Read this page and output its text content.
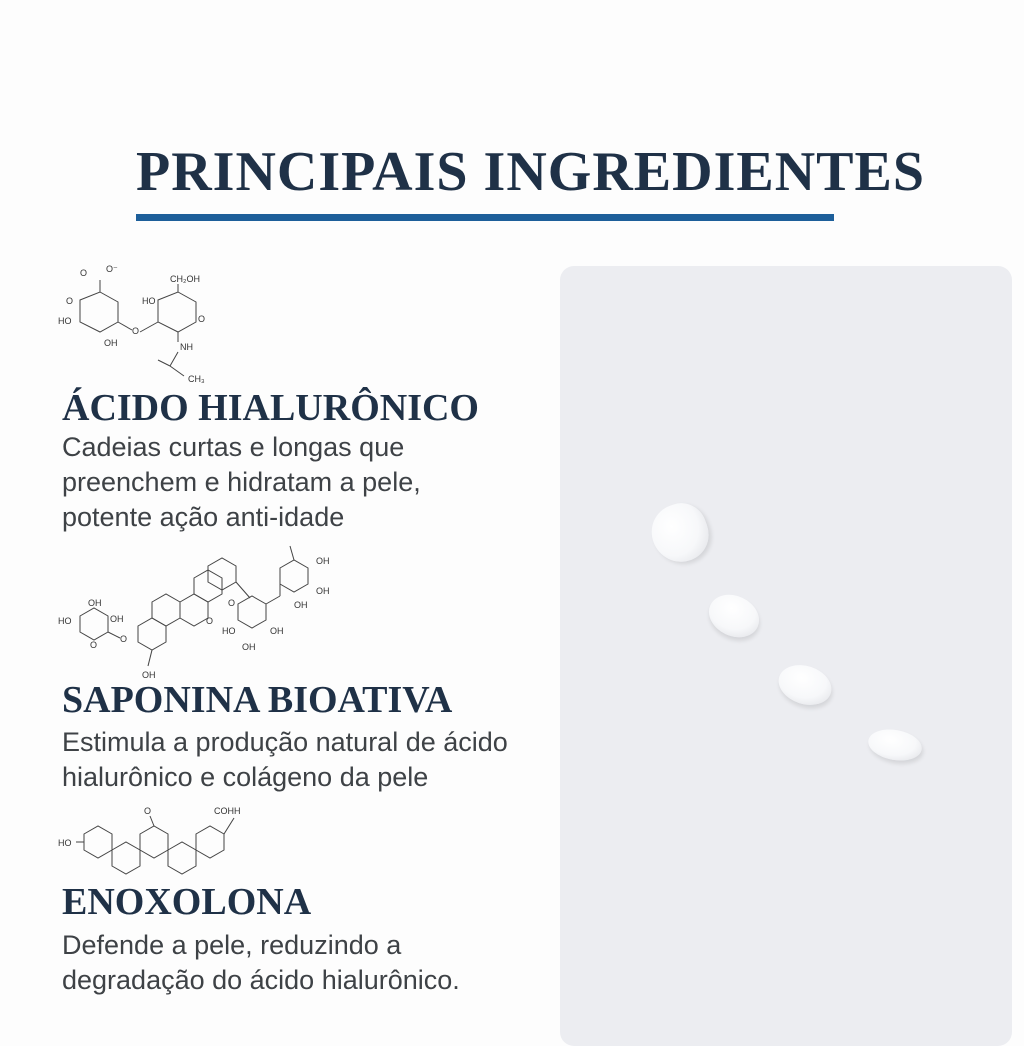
PRINCIPAIS INGREDIENTES
O O⁻
O
HO
OH
O
HO
CH₂OH
O
NH
CH₃
ÁCIDO HIALURÔNICO
Cadeias curtas e longas que
preenchem e hidratam a pele,
potente ação anti-idade
HO
OH
OH
O
O
OH
O
O
HO
OH
OH
OH
OH
OH
SAPONINA BIOATIVA
Estimula a produção natural de ácido
hialurônico e colágeno da pele
HO
O	COHH
ENOXOLONA
Defende a pele, reduzindo a
degradação do ácido hialurônico.
